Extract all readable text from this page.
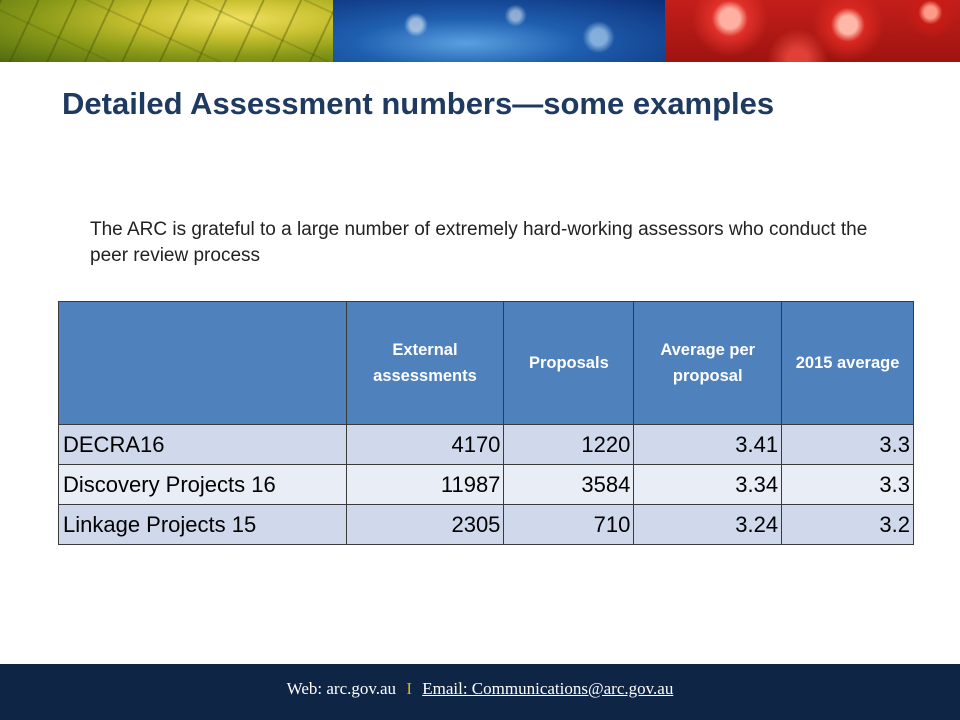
Detailed Assessment numbers—some examples

The ARC is grateful to a large number of extremely hard-working assessors who conduct the peer review process

	External assessments	Proposals	Average per proposal	2015 average
DECRA16	4170	1220	3.41	3.3
Discovery Projects 16	11987	3584	3.34	3.3
Linkage Projects 15	2305	710	3.24	3.2
Web: arc.gov.au I Email: Communications@arc.gov.au
